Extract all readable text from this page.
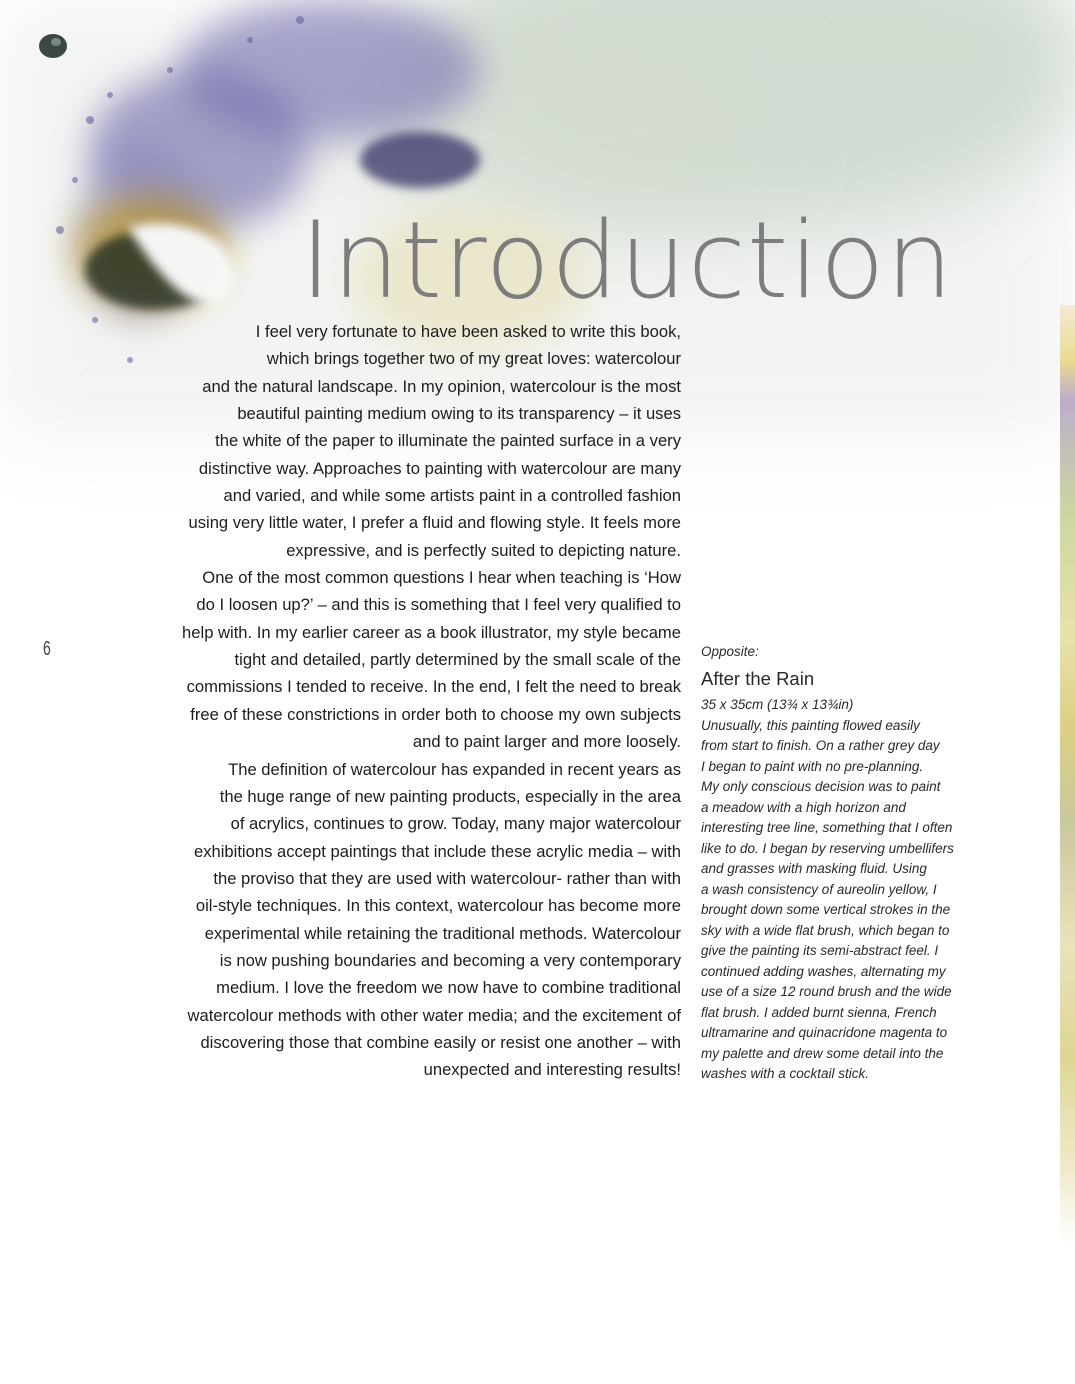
Introduction

I feel very fortunate to have been asked to write this book,

which brings together two of my great loves: watercolour

and the natural landscape. In my opinion, watercolour is the most

beautiful painting medium owing to its transparency – it uses

the white of the paper to illuminate the painted surface in a very

distinctive way. Approaches to painting with watercolour are many

and varied, and while some artists paint in a controlled fashion

using very little water, I prefer a fluid and flowing style. It feels more

expressive, and is perfectly suited to depicting nature.

One of the most common questions I hear when teaching is ‘How

do I loosen up?’ – and this is something that I feel very qualified to

help with. In my earlier career as a book illustrator, my style became

tight and detailed, partly determined by the small scale of the

commissions I tended to receive. In the end, I felt the need to break

free of these constrictions in order both to choose my own subjects

and to paint larger and more loosely.

The definition of watercolour has expanded in recent years as

the huge range of new painting products, especially in the area

of acrylics, continues to grow. Today, many major watercolour

exhibitions accept paintings that include these acrylic media – with

the proviso that they are used with watercolour- rather than with

oil-style techniques. In this context, watercolour has become more

experimental while retaining the traditional methods. Watercolour

is now pushing boundaries and becoming a very contemporary

medium. I love the freedom we now have to combine traditional

watercolour methods with other water media; and the excitement of

discovering those that combine easily or resist one another – with

unexpected and interesting results!

6	Opposite:

After the Rain

35 x 35cm (13¾ x 13¾in)

Unusually, this painting flowed easily

from start to finish. On a rather grey day

I began to paint with no pre-planning.

My only conscious decision was to paint

a meadow with a high horizon and

interesting tree line, something that I often

like to do. I began by reserving umbellifers

and grasses with masking fluid. Using

a wash consistency of aureolin yellow, I

brought down some vertical strokes in the

sky with a wide flat brush, which began to

give the painting its semi-abstract feel. I

continued adding washes, alternating my

use of a size 12 round brush and the wide

flat brush. I added burnt sienna, French

ultramarine and quinacridone magenta to

my palette and drew some detail into the

washes with a cocktail stick.
